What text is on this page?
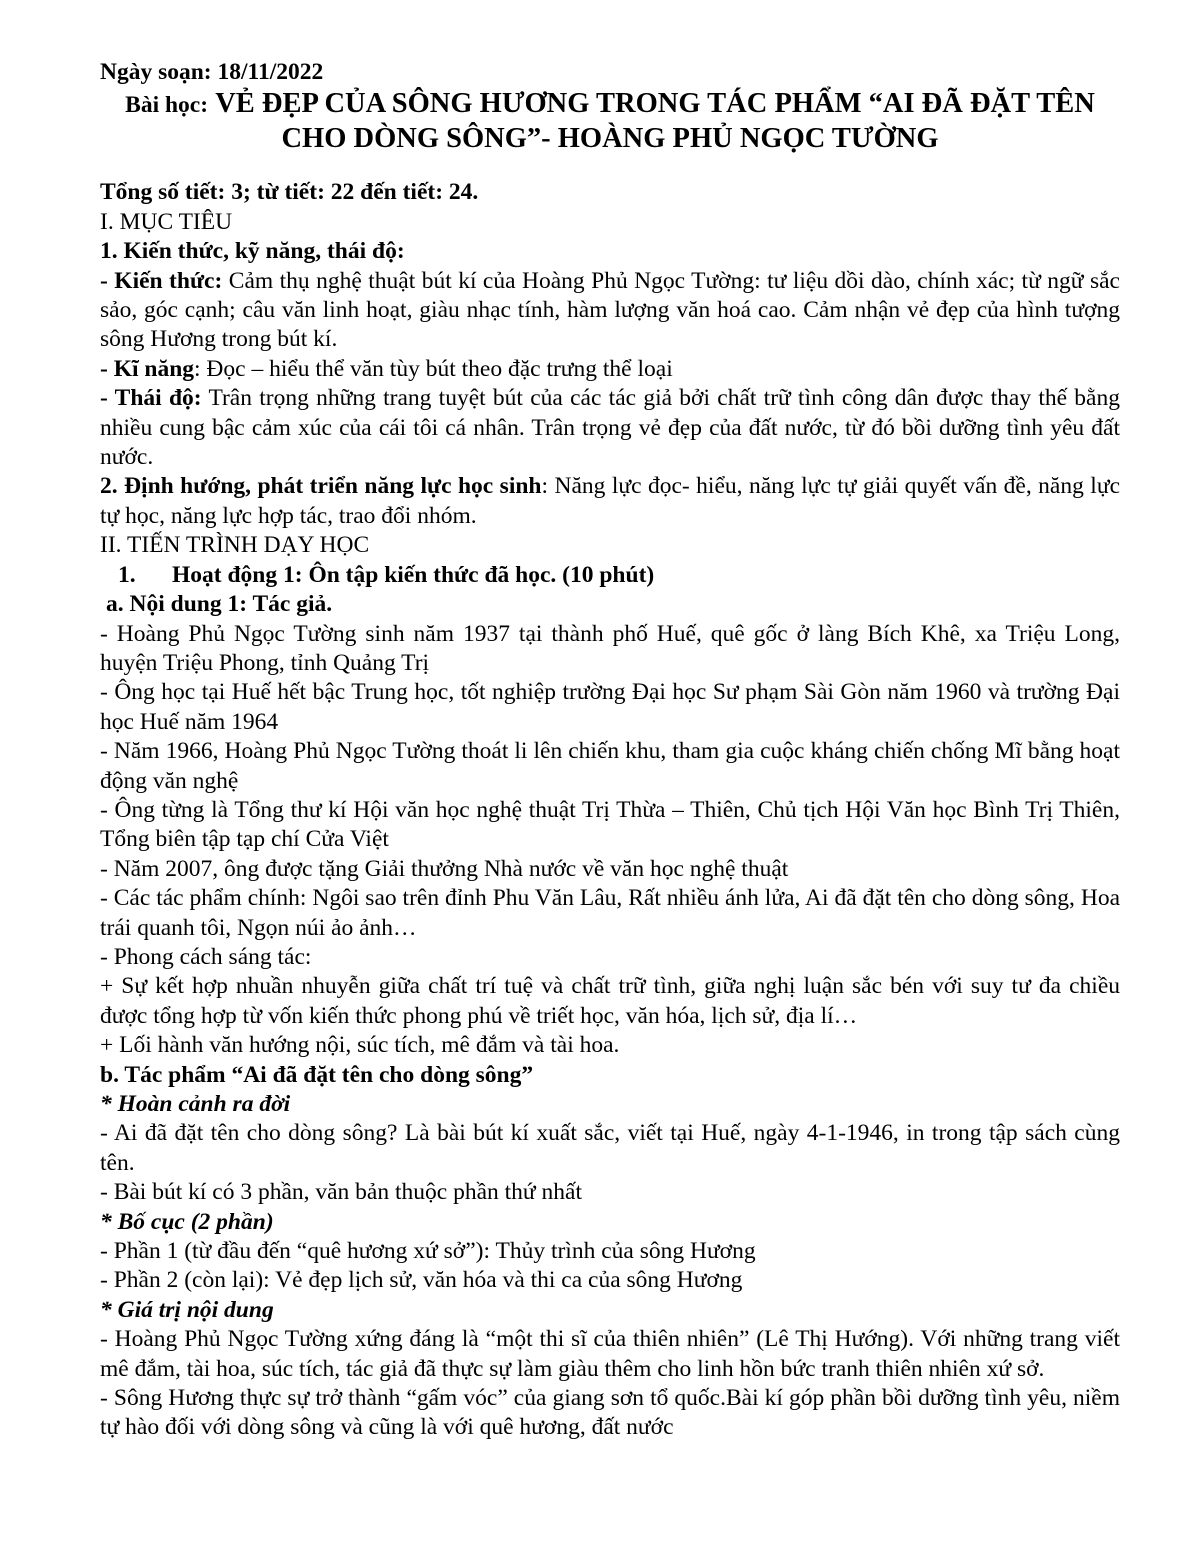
Ngày soạn: 18/11/2022

Bài học: VẺ ĐẸP CỦA SÔNG HƯƠNG TRONG TÁC PHẨM “AI ĐÃ ĐẶT TÊN CHO DÒNG SÔNG”- HOÀNG PHỦ NGỌC TƯỜNG

Tổng số tiết: 3; từ tiết: 22 đến tiết: 24.

I. MỤC TIÊU

1. Kiến thức, kỹ năng, thái độ:

- Kiến thức: Cảm thụ nghệ thuật bút kí của Hoàng Phủ Ngọc Tường: tư liệu dồi dào, chính xác; từ ngữ sắc sảo, góc cạnh; câu văn linh hoạt, giàu nhạc tính, hàm lượng văn hoá cao. Cảm nhận vẻ đẹp của hình tượng sông Hương trong bút kí.

- Kĩ năng: Đọc – hiểu thể văn tùy bút theo đặc trưng thể loại

- Thái độ: Trân trọng những trang tuyệt bút của các tác giả bởi chất trữ tình công dân được thay thế bằng nhiều cung bậc cảm xúc của cái tôi cá nhân. Trân trọng vẻ đẹp của đất nước, từ đó bồi dưỡng tình yêu đất nước.

2. Định hướng, phát triển năng lực học sinh: Năng lực đọc- hiểu, năng lực tự giải quyết vấn đề, năng lực tự học, năng lực hợp tác, trao đổi nhóm.

II. TIẾN TRÌNH DẠY HỌC

1.	Hoạt động 1: Ôn tập kiến thức đã học. (10 phút)

a. Nội dung 1: Tác giả.

- Hoàng Phủ Ngọc Tường sinh năm 1937 tại thành phố Huế, quê gốc ở làng Bích Khê, xa Triệu Long, huyện Triệu Phong, tỉnh Quảng Trị

- Ông học tại Huế hết bậc Trung học, tốt nghiệp trường Đại học Sư phạm Sài Gòn năm 1960 và trường Đại học Huế năm 1964

- Năm 1966, Hoàng Phủ Ngọc Tường thoát li lên chiến khu, tham gia cuộc kháng chiến chống Mĩ bằng hoạt động văn nghệ

- Ông từng là Tổng thư kí Hội văn học nghệ thuật Trị Thừa – Thiên, Chủ tịch Hội Văn học Bình Trị Thiên, Tổng biên tập tạp chí Cửa Việt

- Năm 2007, ông được tặng Giải thưởng Nhà nước về văn học nghệ thuật

- Các tác phẩm chính: Ngôi sao trên đỉnh Phu Văn Lâu, Rất nhiều ánh lửa, Ai đã đặt tên cho dòng sông, Hoa trái quanh tôi, Ngọn núi ảo ảnh…

- Phong cách sáng tác:

+ Sự kết hợp nhuần nhuyễn giữa chất trí tuệ và chất trữ tình, giữa nghị luận sắc bén với suy tư đa chiều được tổng hợp từ vốn kiến thức phong phú về triết học, văn hóa, lịch sử, địa lí…

+ Lối hành văn hướng nội, súc tích, mê đắm và tài hoa.

b. Tác phẩm “Ai đã đặt tên cho dòng sông”

* Hoàn cảnh ra đời

- Ai đã đặt tên cho dòng sông? Là bài bút kí xuất sắc, viết tại Huế, ngày 4-1-1946, in trong tập sách cùng tên.

- Bài bút kí có 3 phần, văn bản thuộc phần thứ nhất

* Bố cục (2 phần)

- Phần 1 (từ đầu đến “quê hương xứ sở”): Thủy trình của sông Hương

- Phần 2 (còn lại): Vẻ đẹp lịch sử, văn hóa và thi ca của sông Hương

* Giá trị nội dung

- Hoàng Phủ Ngọc Tường xứng đáng là “một thi sĩ của thiên nhiên” (Lê Thị Hướng). Với những trang viết mê đắm, tài hoa, súc tích, tác giả đã thực sự làm giàu thêm cho linh hồn bức tranh thiên nhiên xứ sở.

- Sông Hương thực sự trở thành “gấm vóc” của giang sơn tổ quốc.Bài kí góp phần bồi dưỡng tình yêu, niềm tự hào đối với dòng sông và cũng là với quê hương, đất nước
